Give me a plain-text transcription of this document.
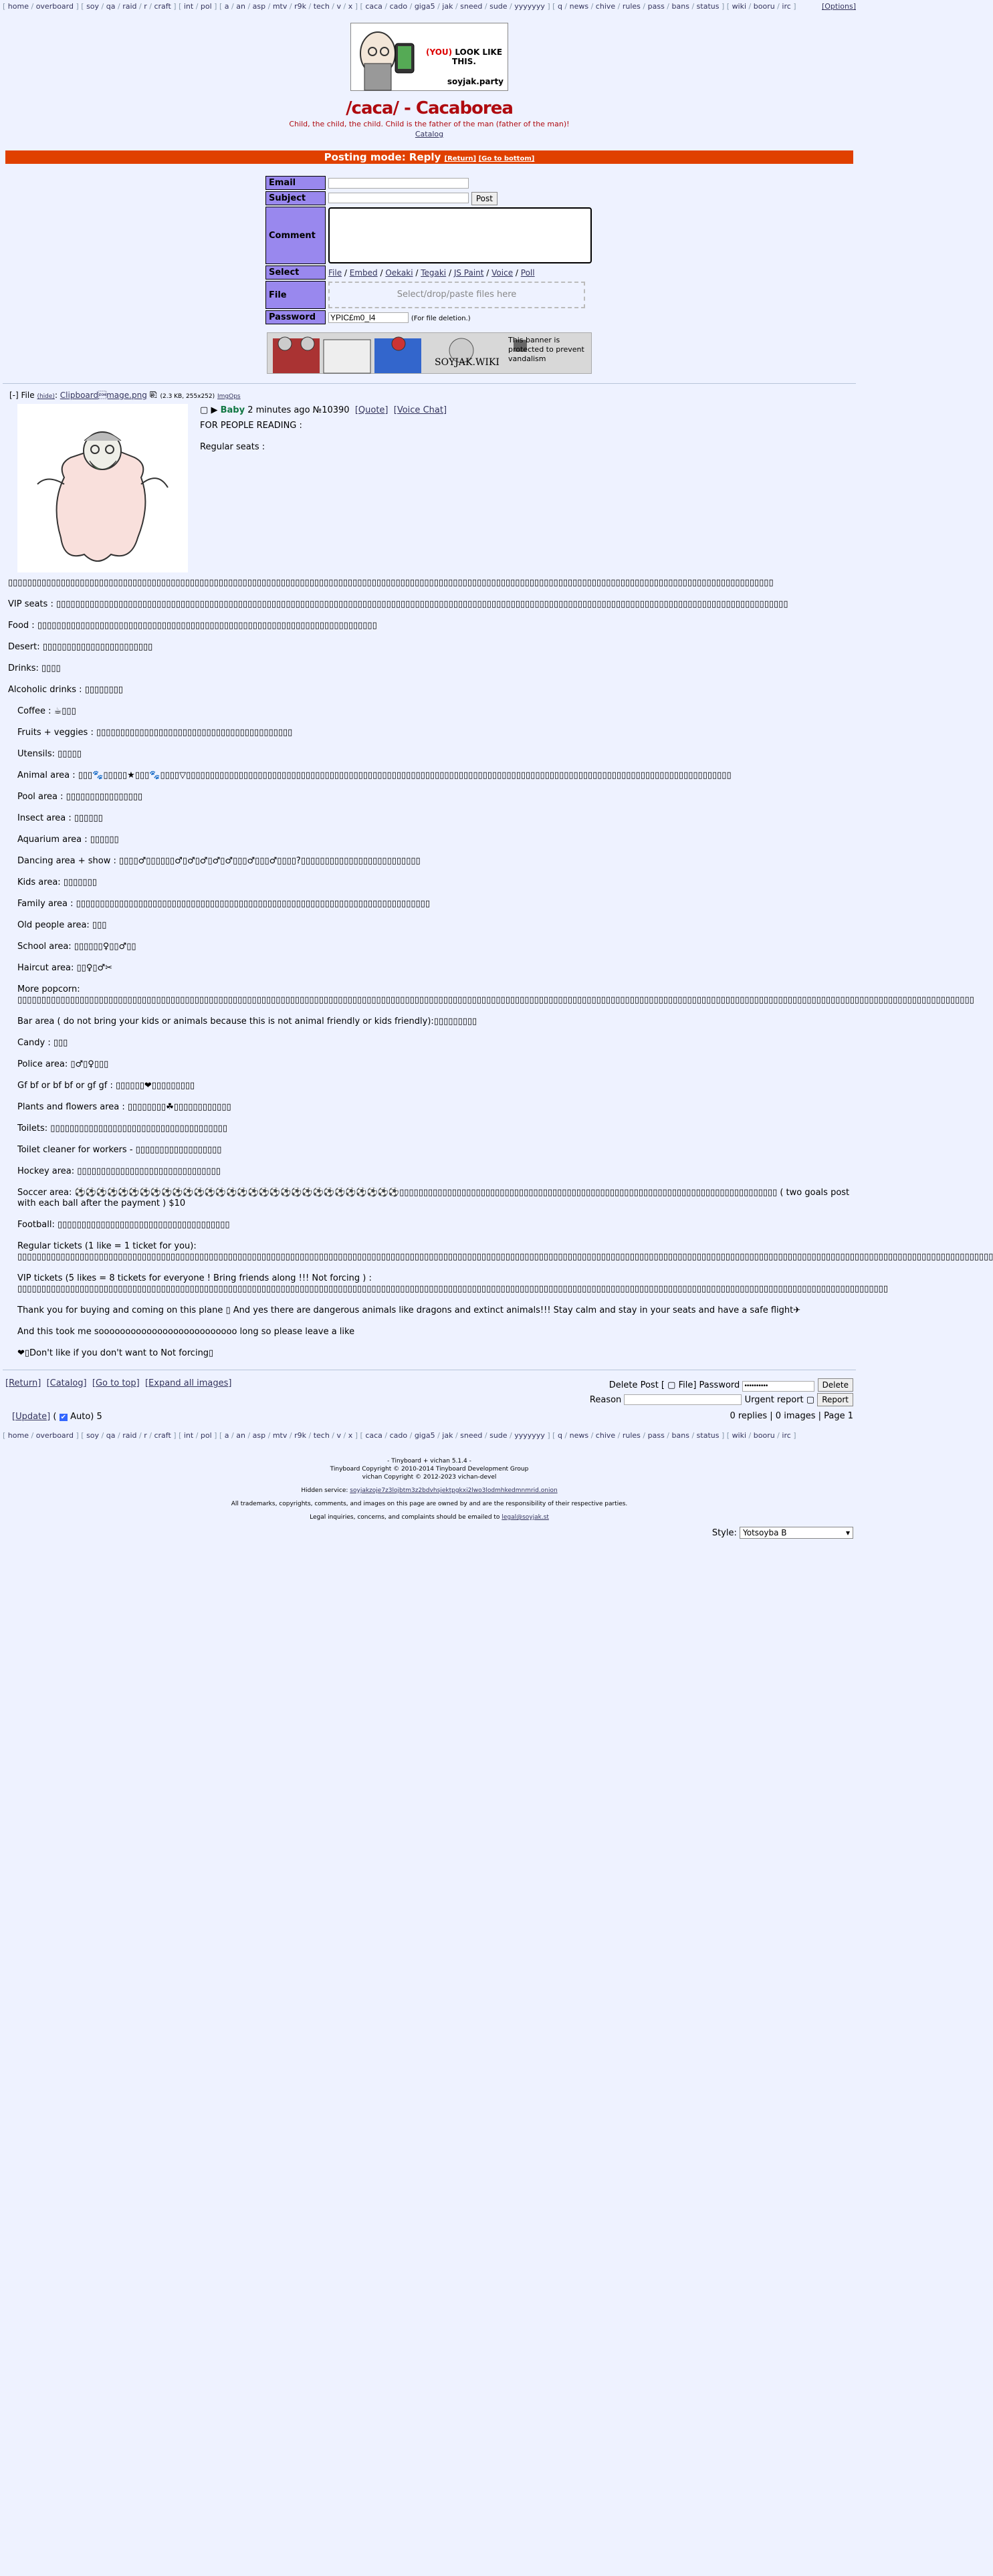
[ home / overboard ] [ soy / qa / raid / r / craft ] [ int / pol ] [ a / an / asp / mtv / r9k / tech / v / x ] [ caca / cado / giga5 / jak / sneed / sude / yyyyyyy ] [ q / news / chive / rules / pass / bans / status ] [ wiki / booru / irc ]	[Options]
(YOU) LOOK LIKE THIS.
soyjak.party
/caca/ - Cacaborea
Child, the child, the child. Child is the father of the man (father of the man)!
Catalog
Posting mode: Reply [Return] [Go to bottom]
Email	
Subject	Post
Comment	

Select	File / Embed / Oekaki / Tegaki / JS Paint / Voice / Poll
File	Select/drop/paste files here

Password	YPIC£m0_l4(For file deletion.)
SOYJAK.WIKI
This banner is protected to prevent vandalism
[-] File (hide): Clipboardmage.png ⎘ (2.3 KB, 255x252) ImgOps
▢ ▶ Baby 2 minutes ago №10390 [Quote] [Voice Chat]

FOR PEOPLE READING :

Regular seats : ▯▯▯▯▯▯▯▯▯▯▯▯▯▯▯▯▯▯▯▯▯▯▯▯▯▯▯▯▯▯▯▯▯▯▯▯▯▯▯▯▯▯▯▯▯▯▯▯▯▯▯▯▯▯▯▯▯▯▯▯▯▯▯▯▯▯▯▯▯▯▯▯▯▯▯▯▯▯▯▯▯▯▯▯▯▯▯▯▯▯▯▯▯▯▯▯▯▯▯▯▯▯▯▯▯▯▯▯▯▯▯▯▯▯▯▯▯▯▯▯▯▯▯▯▯▯▯▯▯▯▯▯▯▯▯▯▯▯▯▯▯▯▯▯▯▯▯▯▯▯▯▯▯▯▯▯▯▯▯▯

VIP seats : ▯▯▯▯▯▯▯▯▯▯▯▯▯▯▯▯▯▯▯▯▯▯▯▯▯▯▯▯▯▯▯▯▯▯▯▯▯▯▯▯▯▯▯▯▯▯▯▯▯▯▯▯▯▯▯▯▯▯▯▯▯▯▯▯▯▯▯▯▯▯▯▯▯▯▯▯▯▯▯▯▯▯▯▯▯▯▯▯▯▯▯▯▯▯▯▯▯▯▯▯▯▯▯▯▯▯▯▯▯▯▯▯▯▯▯▯▯▯▯▯▯▯▯▯▯▯▯▯▯▯▯▯▯▯▯▯▯▯▯▯▯▯▯▯▯▯▯▯▯▯▯▯▯

Food : ▯▯▯▯▯▯▯▯▯▯▯▯▯▯▯▯▯▯▯▯▯▯▯▯▯▯▯▯▯▯▯▯▯▯▯▯▯▯▯▯▯▯▯▯▯▯▯▯▯▯▯▯▯▯▯▯▯▯▯▯▯▯▯▯▯▯▯▯▯▯▯

Desert: ▯▯▯▯▯▯▯▯▯▯▯▯▯▯▯▯▯▯▯▯▯▯▯

Drinks: ▯▯▯▯

Alcoholic drinks : ▯▯▯▯▯▯▯▯

Coffee : ☕▯▯▯

Fruits + veggies : ▯▯▯▯▯▯▯▯▯▯▯▯▯▯▯▯▯▯▯▯▯▯▯▯▯▯▯▯▯▯▯▯▯▯▯▯▯▯▯▯▯

Utensils: ▯▯▯▯▯

Animal area : ▯▯▯🐾▯▯▯▯▯★▯▯▯🐾▯▯▯▯▽▯▯▯▯▯▯▯▯▯▯▯▯▯▯▯▯▯▯▯▯▯▯▯▯▯▯▯▯▯▯▯▯▯▯▯▯▯▯▯▯▯▯▯▯▯▯▯▯▯▯▯▯▯▯▯▯▯▯▯▯▯▯▯▯▯▯▯▯▯▯▯▯▯▯▯▯▯▯▯▯▯▯▯▯▯▯▯▯▯▯▯▯▯▯▯▯▯▯▯▯▯▯▯▯▯▯▯▯▯▯▯▯▯▯

Pool area : ▯▯▯▯▯▯▯▯▯▯▯▯▯▯▯▯

Insect area : ▯▯▯▯▯▯

Aquarium area : ▯▯▯▯▯▯

Dancing area + show : ▯▯▯▯♂▯▯▯▯▯▯♂▯♂▯♂▯♂▯♂▯▯▯♂▯▯▯♂▯▯▯▯?▯▯▯▯▯▯▯▯▯▯▯▯▯▯▯▯▯▯▯▯▯▯▯▯▯

Kids area: ▯▯▯▯▯▯▯

Family area : ▯▯▯▯▯▯▯▯▯▯▯▯▯▯▯▯▯▯▯▯▯▯▯▯▯▯▯▯▯▯▯▯▯▯▯▯▯▯▯▯▯▯▯▯▯▯▯▯▯▯▯▯▯▯▯▯▯▯▯▯▯▯▯▯▯▯▯▯▯▯▯▯▯▯

Old people area: ▯▯▯

School area: ▯▯▯▯▯▯♀▯▯♂▯▯

Haircut area: ▯▯♀▯♂✂

More popcorn: ▯▯▯▯▯▯▯▯▯▯▯▯▯▯▯▯▯▯▯▯▯▯▯▯▯▯▯▯▯▯▯▯▯▯▯▯▯▯▯▯▯▯▯▯▯▯▯▯▯▯▯▯▯▯▯▯▯▯▯▯▯▯▯▯▯▯▯▯▯▯▯▯▯▯▯▯▯▯▯▯▯▯▯▯▯▯▯▯▯▯▯▯▯▯▯▯▯▯▯▯▯▯▯▯▯▯▯▯▯▯▯▯▯▯▯▯▯▯▯▯▯▯▯▯▯▯▯▯▯▯▯▯▯▯▯▯▯▯▯▯▯▯▯▯▯▯▯▯▯▯▯▯▯▯▯▯▯▯▯▯▯▯▯▯▯▯▯▯▯▯▯▯▯▯▯▯▯▯▯▯▯▯▯▯▯▯▯▯▯▯▯▯▯▯▯▯▯▯▯▯

Bar area ( do not bring your kids or animals because this is not animal friendly or kids friendly):▯▯▯▯▯▯▯▯▯

Candy : ▯▯▯

Police area: ▯♂▯♀▯▯▯

Gf bf or bf bf or gf gf : ▯▯▯▯▯▯❤▯▯▯▯▯▯▯▯▯

Plants and flowers area : ▯▯▯▯▯▯▯▯☘▯▯▯▯▯▯▯▯▯▯▯▯

Toilets: ▯▯▯▯▯▯▯▯▯▯▯▯▯▯▯▯▯▯▯▯▯▯▯▯▯▯▯▯▯▯▯▯▯▯▯▯▯

Toilet cleaner for workers - ▯▯▯▯▯▯▯▯▯▯▯▯▯▯▯▯▯▯

Hockey area: ▯▯▯▯▯▯▯▯▯▯▯▯▯▯▯▯▯▯▯▯▯▯▯▯▯▯▯▯▯▯

Soccer area: ⚽⚽⚽⚽⚽⚽⚽⚽⚽⚽⚽⚽⚽⚽⚽⚽⚽⚽⚽⚽⚽⚽⚽⚽⚽⚽⚽⚽⚽⚽▯▯▯▯▯▯▯▯▯▯▯▯▯▯▯▯▯▯▯▯▯▯▯▯▯▯▯▯▯▯▯▯▯▯▯▯▯▯▯▯▯▯▯▯▯▯▯▯▯▯▯▯▯▯▯▯▯▯▯▯▯▯▯▯▯▯▯▯▯▯▯▯▯▯▯▯▯▯▯ ( two goals post with each ball after the payment ) $10

Football: ▯▯▯▯▯▯▯▯▯▯▯▯▯▯▯▯▯▯▯▯▯▯▯▯▯▯▯▯▯▯▯▯▯▯▯▯

Regular tickets (1 like = 1 ticket for you): ▯▯▯▯▯▯▯▯▯▯▯▯▯▯▯▯▯▯▯▯▯▯▯▯▯▯▯▯▯▯▯▯▯▯▯▯▯▯▯▯▯▯▯▯▯▯▯▯▯▯▯▯▯▯▯▯▯▯▯▯▯▯▯▯▯▯▯▯▯▯▯▯▯▯▯▯▯▯▯▯▯▯▯▯▯▯▯▯▯▯▯▯▯▯▯▯▯▯▯▯▯▯▯▯▯▯▯▯▯▯▯▯▯▯▯▯▯▯▯▯▯▯▯▯▯▯▯▯▯▯▯▯▯▯▯▯▯▯▯▯▯▯▯▯▯▯▯▯▯▯▯▯▯▯▯▯▯▯▯▯▯▯▯▯▯▯▯▯▯▯▯▯▯▯▯▯▯▯▯▯▯▯▯▯▯▯▯▯▯▯▯▯▯▯▯▯▯▯▯▯▯▯▯▯

VIP tickets (5 likes = 8 tickets for everyone ! Bring friends along !!! Not forcing ) : ▯▯▯▯▯▯▯▯▯▯▯▯▯▯▯▯▯▯▯▯▯▯▯▯▯▯▯▯▯▯▯▯▯▯▯▯▯▯▯▯▯▯▯▯▯▯▯▯▯▯▯▯▯▯▯▯▯▯▯▯▯▯▯▯▯▯▯▯▯▯▯▯▯▯▯▯▯▯▯▯▯▯▯▯▯▯▯▯▯▯▯▯▯▯▯▯▯▯▯▯▯▯▯▯▯▯▯▯▯▯▯▯▯▯▯▯▯▯▯▯▯▯▯▯▯▯▯▯▯▯▯▯▯▯▯▯▯▯▯▯▯▯▯▯▯▯▯▯▯▯▯▯▯▯▯▯▯▯▯▯▯▯▯▯▯▯▯▯▯▯▯▯▯▯▯▯▯▯▯▯▯▯

Thank you for buying and coming on this plane ▯ And yes there are dangerous animals like dragons and extinct animals!!! Stay calm and stay in your seats and have a safe flight✈

And this took me soooooooooooooooooooooooooo long so please leave a like

❤▯Don't like if you don't want to Not forcing▯

[Return] [Catalog] [Go to top] [Expand all images]	Delete Post [ ▢ File] Password ••••••••••	Delete
Reason	Urgent report ▢ Report
0 replies | 0 images | Page 1
[Update] ( ✔ Auto) 5
[ home / overboard ] [ soy / qa / raid / r / craft ] [ int / pol ] [ a / an / asp / mtv / r9k / tech / v / x ] [ caca / cado / giga5 / jak / sneed / sude / yyyyyyy ] [ q / news / chive / rules / pass / bans / status ] [ wiki / booru / irc ]
- Tinyboard + vichan 5.1.4 -
Tinyboard Copyright © 2010-2014 Tinyboard Development Group
vichan Copyright © 2012-2023 vichan-devel
Hidden service: soyjakzoje7z3lojbtm3z2bdvhsjektpgkxi2lwo3lodmhkedmnmrid.onion
All trademarks, copyrights, comments, and images on this page are owned by and are the responsibility of their respective parties.
Legal inquiries, concerns, and complaints should be emailed to legal@soyjak.st
Style: Yotsoyba B	▾
